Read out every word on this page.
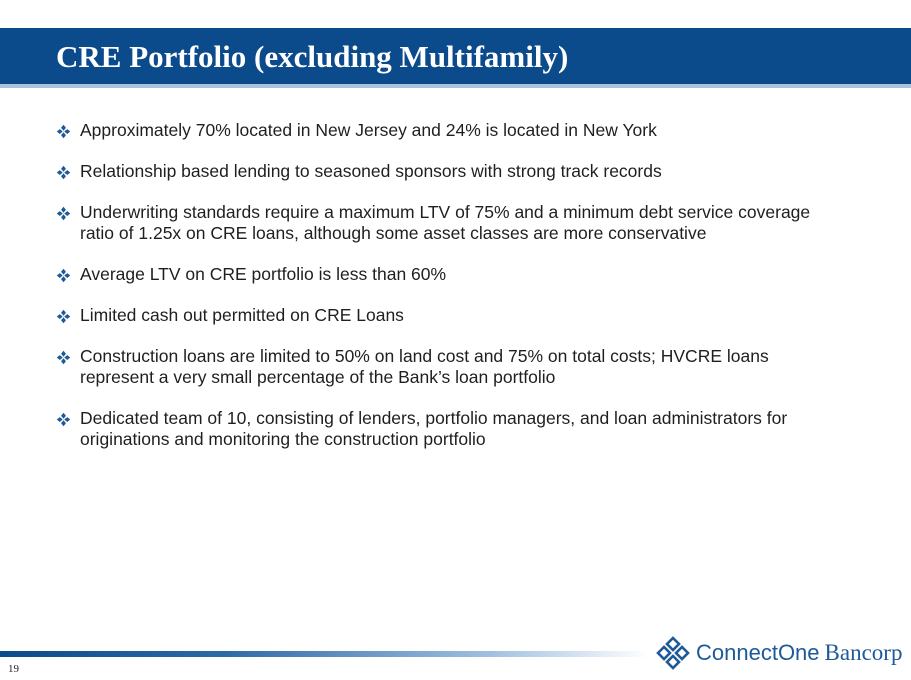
CRE Portfolio (excluding Multifamily)
Approximately 70% located in New Jersey and 24% is located in New York
Relationship based lending to seasoned sponsors with strong track records
Underwriting standards require a maximum LTV of 75% and a minimum debt service coverage ratio of 1.25x on CRE loans, although some asset classes are more conservative
Average LTV on CRE portfolio is less than 60%
Limited cash out permitted on CRE Loans
Construction loans are limited to 50% on land cost and 75% on total costs; HVCRE loans represent a very small percentage of the Bank’s loan portfolio
Dedicated team of 10, consisting of lenders, portfolio managers, and loan administrators for originations and monitoring the construction portfolio
19
ConnectOne Bancorp
